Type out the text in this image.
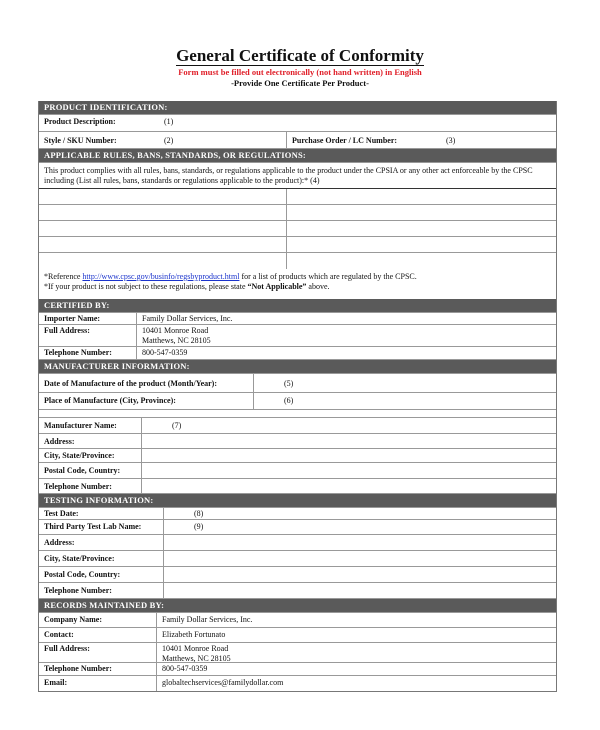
General Certificate of Conformity
Form must be filled out electronically (not hand written) in English
-Provide One Certificate Per Product-
PRODUCT IDENTIFICATION:
Product Description:	(1)
Style / SKU Number:	(2)	Purchase Order / LC Number:	(3)
APPLICABLE RULES, BANS, STANDARDS, OR REGULATIONS:
This product complies with all rules, bans, standards, or regulations applicable to the product under the CPSIA or any other act enforceable by the CPSC including (List all rules, bans, standards or regulations applicable to the product):* (4)
*Reference http://www.cpsc.gov/businfo/regsbyproduct.html for a list of products which are regulated by the CPSC.
*If your product is not subject to these regulations, please state “Not Applicable” above.
CERTIFIED BY:
Importer Name:	Family Dollar Services, Inc.
Full Address:	10401 Monroe Road
Matthews, NC 28105
Telephone Number:	800-547-0359
MANUFACTURER INFORMATION:
Date of Manufacture of the product (Month/Year):	(5)
Place of Manufacture (City, Province):	(6)
Manufacturer Name:	(7)
Address:
City, State/Province:
Postal Code, Country:
Telephone Number:
TESTING INFORMATION:
Test Date:	(8)
Third Party Test Lab Name:	(9)
Address:
City, State/Province:
Postal Code, Country:
Telephone Number:
RECORDS MAINTAINED BY:
Company Name:	Family Dollar Services, Inc.
Contact:	Elizabeth Fortunato
Full Address:	10401 Monroe Road
Matthews, NC 28105
Telephone Number:	800-547-0359
Email:	globaltechservices@familydollar.com
